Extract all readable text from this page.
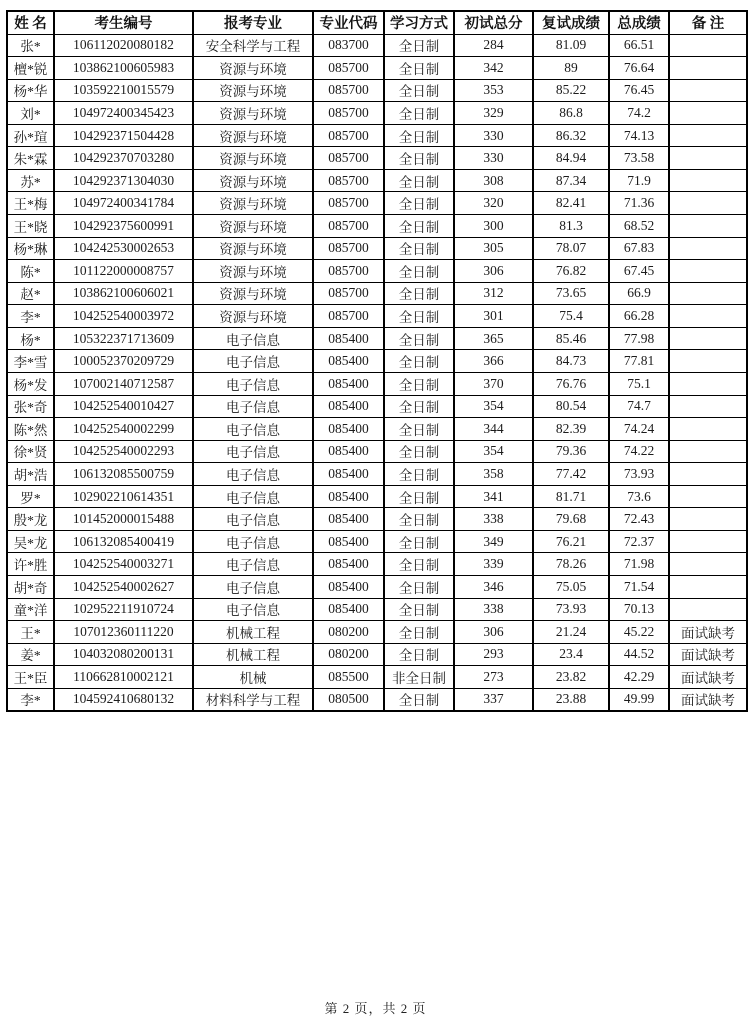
姓 名	考生编号	报考专业	专业代码	学习方式	初试总分	复试成绩	总成绩	备 注
张*	106112020080182	安全科学与工程	083700	全日制	284	81.09	66.51	
檀*锐	103862100605983	资源与环境	085700	全日制	342	89	76.64	
杨*华	103592210015579	资源与环境	085700	全日制	353	85.22	76.45	
刘*	104972400345423	资源与环境	085700	全日制	329	86.8	74.2	
孙*瑄	104292371504428	资源与环境	085700	全日制	330	86.32	74.13	
朱*霖	104292370703280	资源与环境	085700	全日制	330	84.94	73.58	
苏*	104292371304030	资源与环境	085700	全日制	308	87.34	71.9	
王*梅	104972400341784	资源与环境	085700	全日制	320	82.41	71.36	
王*晓	104292375600991	资源与环境	085700	全日制	300	81.3	68.52	
杨*琳	104242530002653	资源与环境	085700	全日制	305	78.07	67.83	
陈*	101122000008757	资源与环境	085700	全日制	306	76.82	67.45	
赵*	103862100606021	资源与环境	085700	全日制	312	73.65	66.9	
李*	104252540003972	资源与环境	085700	全日制	301	75.4	66.28	
杨*	105322371713609	电子信息	085400	全日制	365	85.46	77.98	
李*雪	100052370209729	电子信息	085400	全日制	366	84.73	77.81	
杨*发	107002140712587	电子信息	085400	全日制	370	76.76	75.1	
张*奇	104252540010427	电子信息	085400	全日制	354	80.54	74.7	
陈*然	104252540002299	电子信息	085400	全日制	344	82.39	74.24	
徐*贤	104252540002293	电子信息	085400	全日制	354	79.36	74.22	
胡*浩	106132085500759	电子信息	085400	全日制	358	77.42	73.93	
罗*	102902210614351	电子信息	085400	全日制	341	81.71	73.6	
殷*龙	101452000015488	电子信息	085400	全日制	338	79.68	72.43	
吴*龙	106132085400419	电子信息	085400	全日制	349	76.21	72.37	
许*胜	104252540003271	电子信息	085400	全日制	339	78.26	71.98	
胡*奇	104252540002627	电子信息	085400	全日制	346	75.05	71.54	
童*洋	102952211910724	电子信息	085400	全日制	338	73.93	70.13	
王*	107012360111220	机械工程	080200	全日制	306	21.24	45.22	面试缺考
姜*	104032080200131	机械工程	080200	全日制	293	23.4	44.52	面试缺考
王*臣	110662810002121	机械	085500	非全日制	273	23.82	42.29	面试缺考
李*	104592410680132	材料科学与工程	080500	全日制	337	23.88	49.99	面试缺考
第 2 页，共 2 页
